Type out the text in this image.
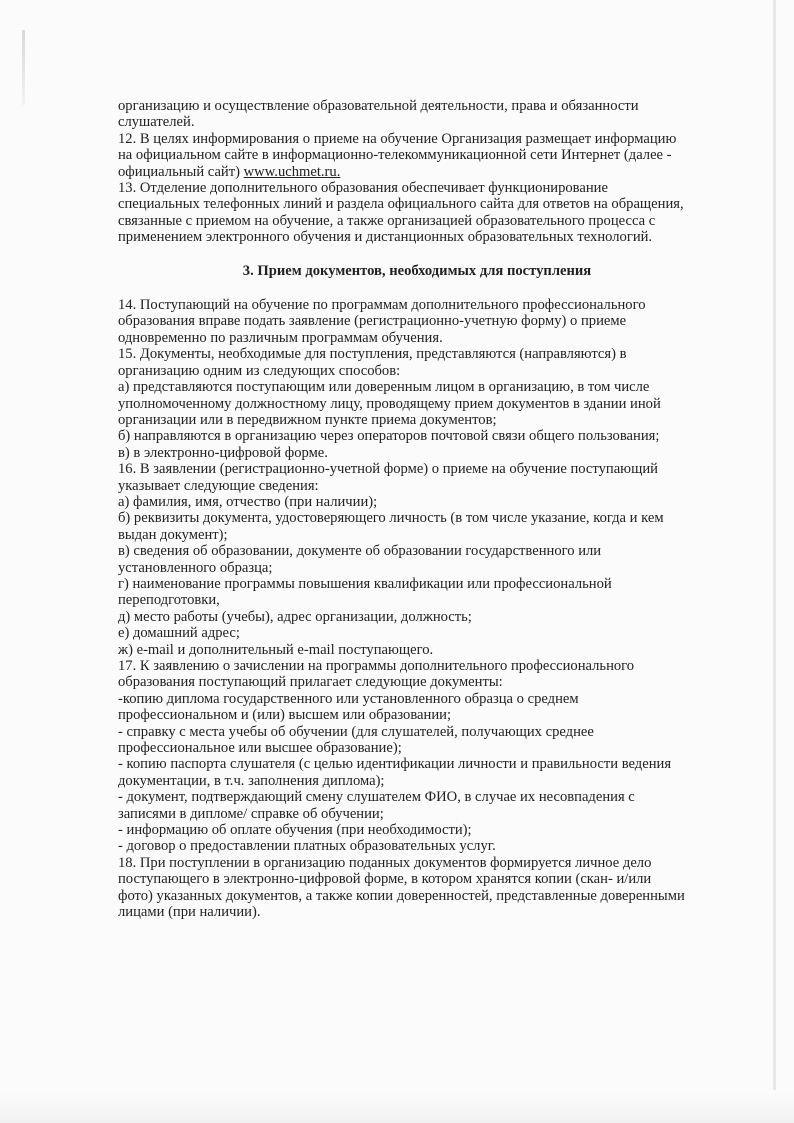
организацию и осуществление образовательной деятельности, права и обязанности

слушателей.

12. В целях информирования о приеме на обучение Организация размещает информацию

на официальном сайте в информационно-телекоммуникационной сети Интернет (далее -

официальный сайт) www.uchmet.ru.

13. Отделение дополнительного образования обеспечивает функционирование

специальных телефонных линий и раздела официального сайта для ответов на обращения,

связанные с приемом на обучение, а также организацией образовательного процесса с

применением электронного обучения и дистанционных образовательных технологий.

3. Прием документов, необходимых для поступления

14. Поступающий на обучение по программам дополнительного профессионального

образования вправе подать заявление (регистрационно-учетную форму) о приеме

одновременно по различным программам обучения.

15. Документы, необходимые для поступления, представляются (направляются) в

организацию одним из следующих способов:

а) представляются поступающим или доверенным лицом в организацию, в том числе

уполномоченному должностному лицу, проводящему прием документов в здании иной

организации или в передвижном пункте приема документов;

б) направляются в организацию через операторов почтовой связи общего пользования;

в) в электронно-цифровой форме.

16. В заявлении (регистрационно-учетной форме) о приеме на обучение поступающий

указывает следующие сведения:

а) фамилия, имя, отчество (при наличии);

б) реквизиты документа, удостоверяющего личность (в том числе указание, когда и кем

выдан документ);

в) сведения об образовании, документе об образовании государственного или

установленного образца;

г) наименование программы повышения квалификации или профессиональной

переподготовки,

д) место работы (учебы), адрес организации, должность;

е) домашний адрес;

ж) e-mail и дополнительный e-mail поступающего.

17. К заявлению о зачислении на программы дополнительного профессионального

образования поступающий прилагает следующие документы:

-копию диплома государственного или установленного образца о среднем

профессиональном и (или) высшем или образовании;

- справку с места учебы об обучении (для слушателей, получающих среднее

профессиональное или высшее образование);

- копию паспорта слушателя (с целью идентификации личности и правильности ведения

документации, в т.ч. заполнения диплома);

- документ, подтверждающий смену слушателем ФИО, в случае их несовпадения с

записями в дипломе/ справке об обучении;

- информацию об оплате обучения (при необходимости);

- договор о предоставлении платных образовательных услуг.

18. При поступлении в организацию поданных документов формируется личное дело

поступающего в электронно-цифровой форме, в котором хранятся копии (скан- и/или

фото) указанных документов, а также копии доверенностей, представленные доверенными

лицами (при наличии).
